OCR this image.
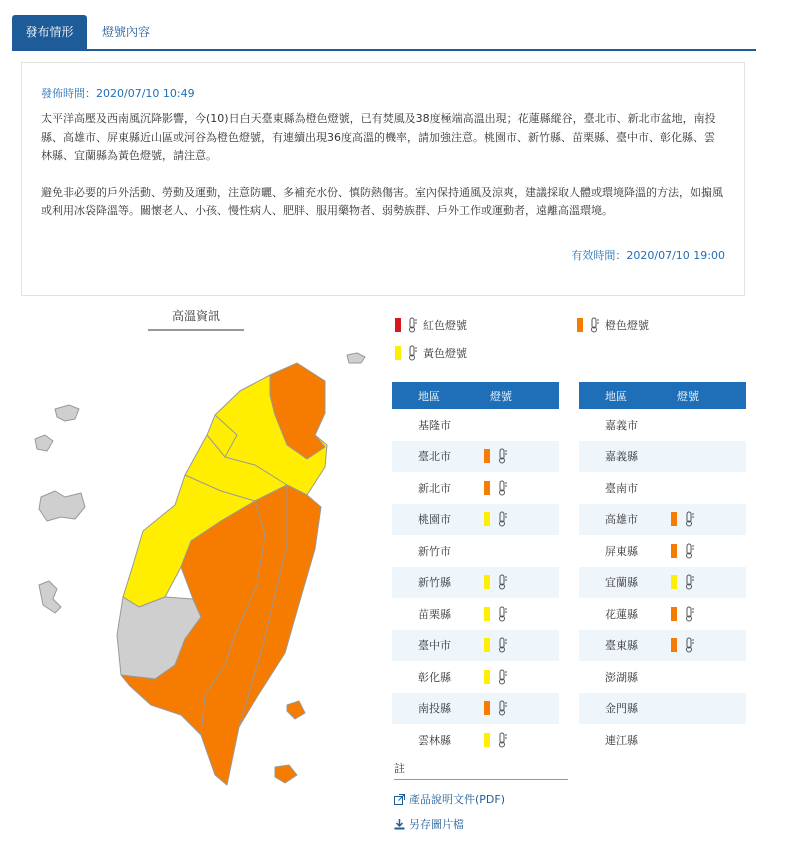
發布情形	燈號內容
發佈時間：2020/07/10 10:49

太平洋高壓及西南風沉降影響，今(10)日白天臺東縣為橙色燈號，已有焚風及38度極端高溫出現；花蓮縣縱谷，臺北市、新北市盆地，南投縣、高雄市、屏東縣近山區或河谷為橙色燈號，有連續出現36度高溫的機率，請加強注意。桃園市、新竹縣、苗栗縣、臺中市、彰化縣、雲林縣、宜蘭縣為黃色燈號，請注意。

避免非必要的戶外活動、勞動及運動，注意防曬、多補充水份、慎防熱傷害。室內保持通風及涼爽，建議採取人體或環境降溫的方法，如搧風或利用冰袋降溫等。關懷老人、小孩、慢性病人、肥胖、服用藥物者、弱勢族群、戶外工作或運動者，遠離高溫環境。

有效時間：2020/07/10 19:00
高溫資訊
紅色燈號	橙色燈號
黃色燈號
地區	燈號
基隆市
臺北市
新北市
桃園市
新竹市
新竹縣
苗栗縣
臺中市
彰化縣
南投縣
雲林縣
地區	燈號
嘉義市
嘉義縣
臺南市
高雄市
屏東縣
宜蘭縣
花蓮縣
臺東縣
澎湖縣
金門縣
連江縣
註
產品說明文件(PDF)
另存圖片檔
